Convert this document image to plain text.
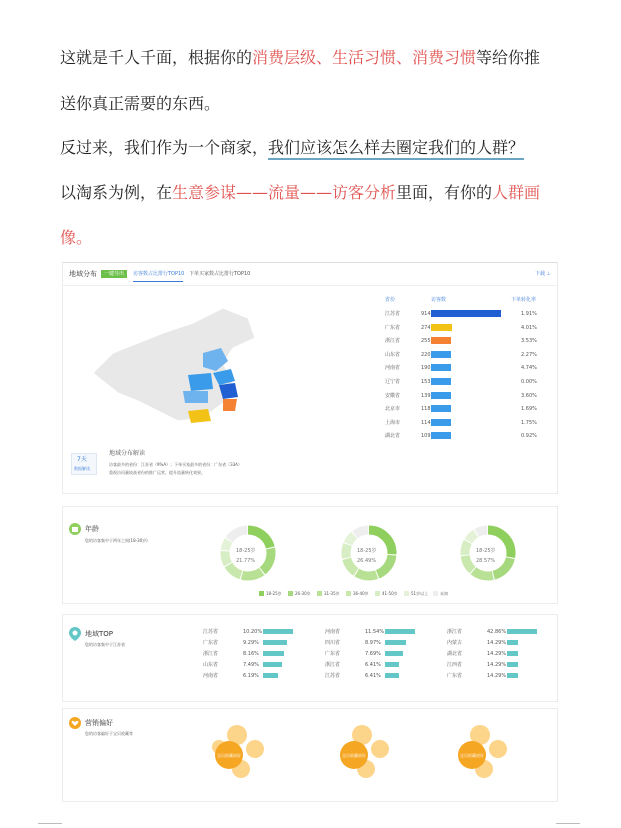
这就是千人千面，根据你的消费层级、生活习惯、消费习惯等给你推
送你真正需要的东西。
反过来，我们作为一个商家，我们应该怎么样去圈定我们的人群？
以淘系为例，在生意参谋——流量——访客分析里面，有你的人群画
像。
地域分布	一键导出	访客数占比排行TOP10 下单买家数占比排行TOP10	下载 ⊥
省份	访客数	下单转化率
江苏省	914	1.91%
广东省	274	4.01%
浙江省	255	3.53%
山东省	220	2.27%
河南省	190	4.74%
辽宁省	153	0.00%
安徽省	139	3.60%
北京市	118	1.69%
上海市	114	1.75%
湖北省	109	0.92%
7天
数据解读
地域分布解读
访客最多的省份：江苏省（9%A）；下单买家最多的省份：广东省（33A）
重视访问量较高省份的推广运营，提升流量转化效果。
年龄
您的访客集中于两年之间(18-30岁)
18-25岁
21.77%
18-25岁
26.49%
18-25岁
28.57%
18-25岁	26-30岁	31-35岁	36-40岁	41-50岁	51岁以上	未知
地域TOP
您的访客集中于江苏省
江苏省	10.20%
广东省	9.29%
浙江省	8.16%
山东省	7.49%
河南省	6.19%
河南省	11.54%
四川省	8.97%
广东省	7.69%
浙江省	6.41%
江苏省	6.41%
浙江省	42.86%
内蒙古	14.29%
湖北省	14.29%
江西省	14.29%
广东省	14.29%
营销偏好
您的访客偏好于宝贝收藏等
宝贝收藏较好	宝贝收藏较好	宝贝收藏较好
